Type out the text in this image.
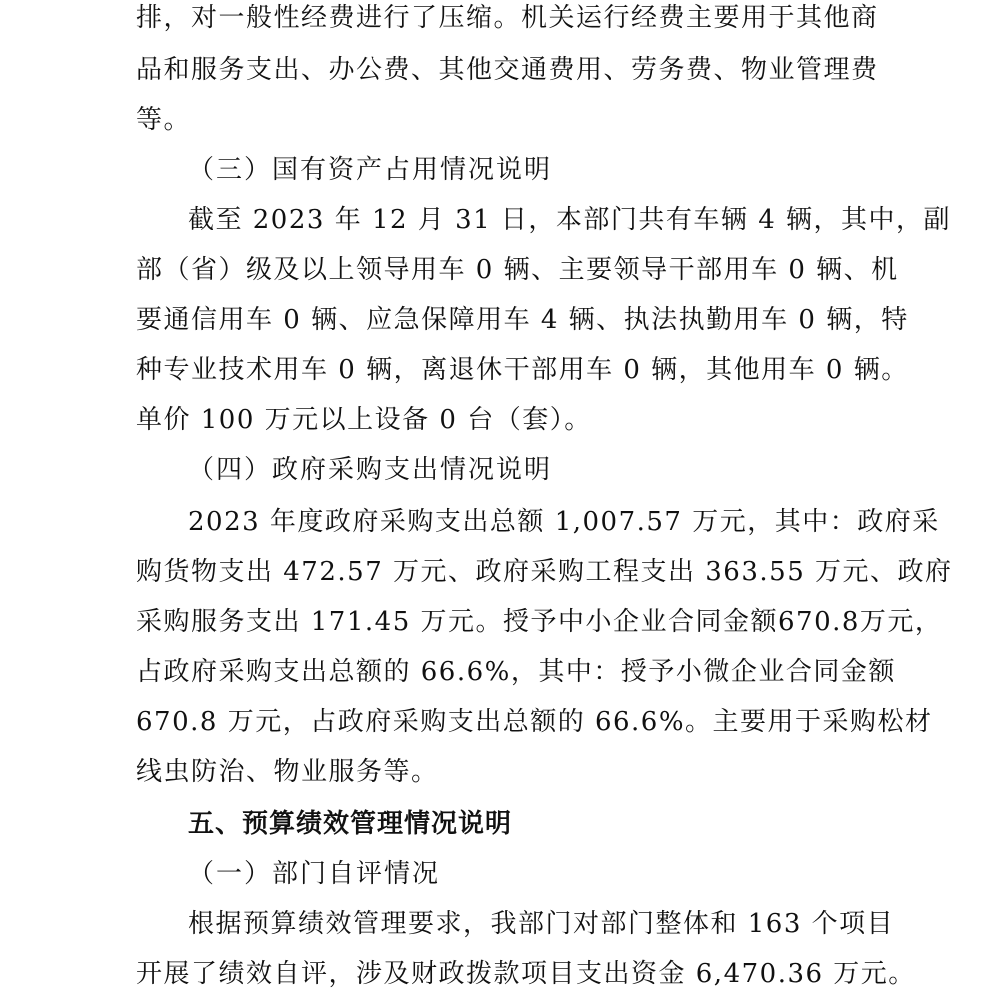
排，对一般性经费进行了压缩。机关运行经费主要用于其他商
品和服务支出、办公费、其他交通费用、劳务费、物业管理费
等。
（三）国有资产占用情况说明
截至 2023 年 12 月 31 日，本部门共有车辆 4 辆，其中，副
部（省）级及以上领导用车 0 辆、主要领导干部用车 0 辆、机
要通信用车 0 辆、应急保障用车 4 辆、执法执勤用车 0 辆，特
种专业技术用车 0 辆，离退休干部用车 0 辆，其他用车 0 辆。
单价 100 万元以上设备 0 台（套）。
（四）政府采购支出情况说明
2023 年度政府采购支出总额 1,007.57 万元，其中：政府采
购货物支出 472.57 万元、政府采购工程支出 363.55 万元、政府
采购服务支出 171.45 万元。授予中小企业合同金额670.8万元，
占政府采购支出总额的 66.6%，其中：授予小微企业合同金额
670.8 万元，占政府采购支出总额的 66.6%。主要用于采购松材
线虫防治、物业服务等。
五、预算绩效管理情况说明
（一）部门自评情况
根据预算绩效管理要求，我部门对部门整体和 163 个项目
开展了绩效自评，涉及财政拨款项目支出资金 6,470.36 万元。
